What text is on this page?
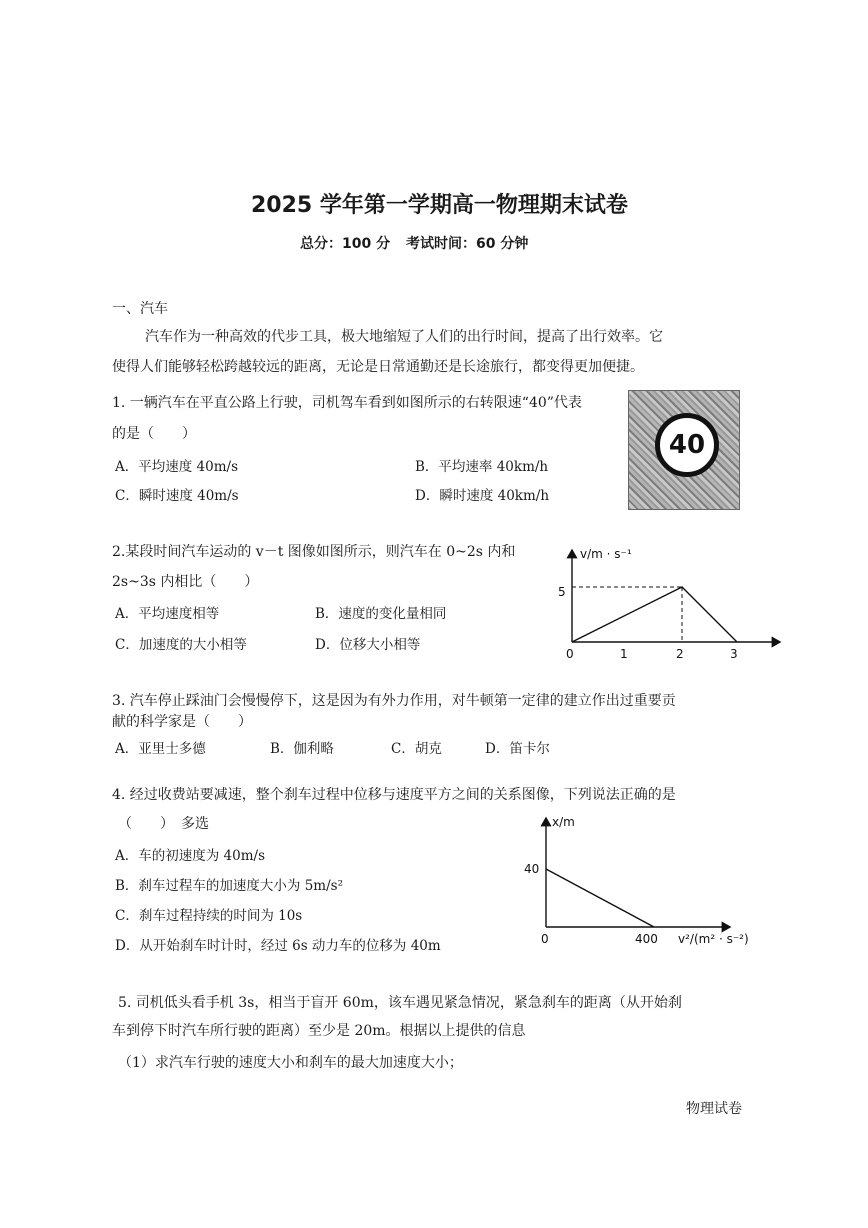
2025 学年第一学期高一物理期末试卷
总分：100 分 考试时间：60 分钟
一、汽车
汽车作为一种高效的代步工具，极大地缩短了人们的出行时间，提高了出行效率。它
使得人们能够轻松跨越较远的距离，无论是日常通勤还是长途旅行，都变得更加便捷。
1. 一辆汽车在平直公路上行驶，司机驾车看到如图所示的右转限速“40”代表
的是（　　）
A．平均速度 40m/s	B．平均速率 40km/h
C．瞬时速度 40m/s	D．瞬时速度 40km/h
40
2.某段时间汽车运动的 v－t 图像如图所示，则汽车在 0~2s 内和
2s~3s 内相比（　　）
A．平均速度相等	B．速度的变化量相同
C．加速度的大小相等	D．位移大小相等
v/m · s⁻¹
5
0	1	2	3
3. 汽车停止踩油门会慢慢停下，这是因为有外力作用，对牛顿第一定律的建立作出过重要贡
献的科学家是（　　）
A．亚里士多德	B．伽利略	C．胡克	D．笛卡尔
4. 经过收费站要减速，整个刹车过程中位移与速度平方之间的关系图像，下列说法正确的是
（　　）　多选
A．车的初速度为 40m/s
B．刹车过程车的加速度大小为 5m/s²
C．刹车过程持续的时间为 10s
D．从开始刹车时计时，经过 6s 动力车的位移为 40m
x/m
40
0	400 v²/(m² · s⁻²)
5. 司机低头看手机 3s，相当于盲开 60m，该车遇见紧急情况，紧急刹车的距离（从开始刹
车到停下时汽车所行驶的距离）至少是 20m。根据以上提供的信息
（1）求汽车行驶的速度大小和刹车的最大加速度大小；
物理试卷
